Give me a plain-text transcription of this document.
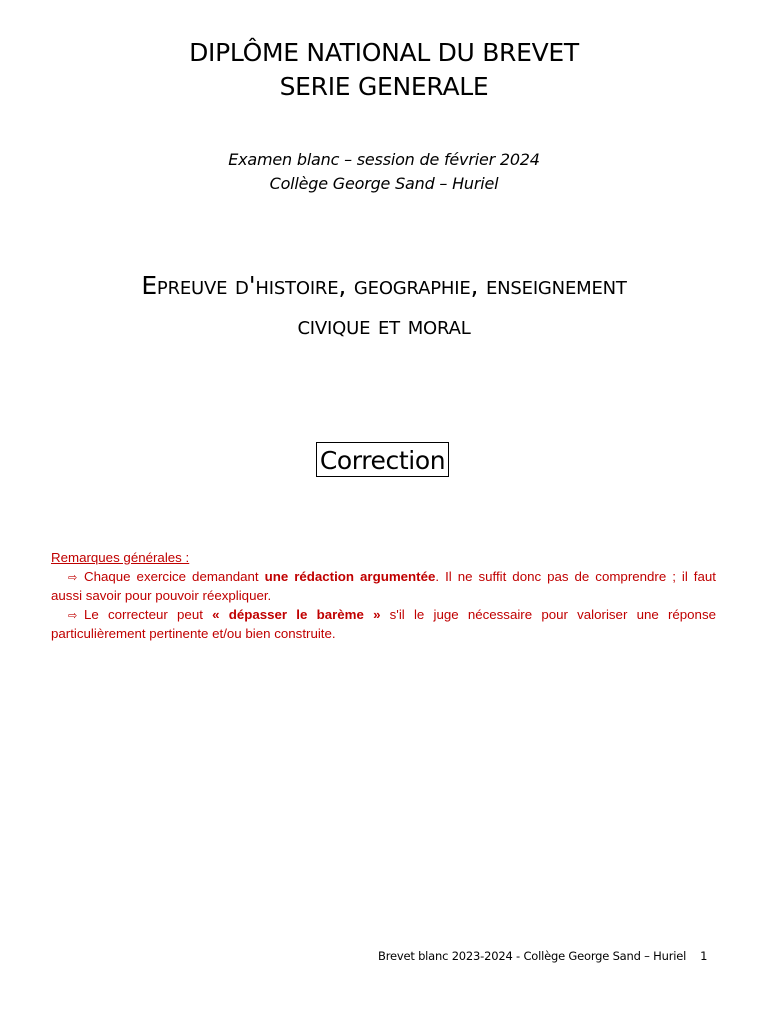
DIPLÔME NATIONAL DU BREVET
SERIE GENERALE
Examen blanc – session de février 2024
Collège George Sand – Huriel
Epreuve d'histoire, geographie, enseignement
civique et moral
Correction
Remarques générales :
⇨ Chaque exercice demandant une rédaction argumentée. Il ne suffit donc pas de comprendre ; il faut aussi savoir pour pouvoir réexpliquer.
⇨ Le correcteur peut « dépasser le barème » s'il le juge nécessaire pour valoriser une réponse particulièrement pertinente et/ou bien construite.
Brevet blanc 2023-2024 - Collège George Sand – Huriel 1
